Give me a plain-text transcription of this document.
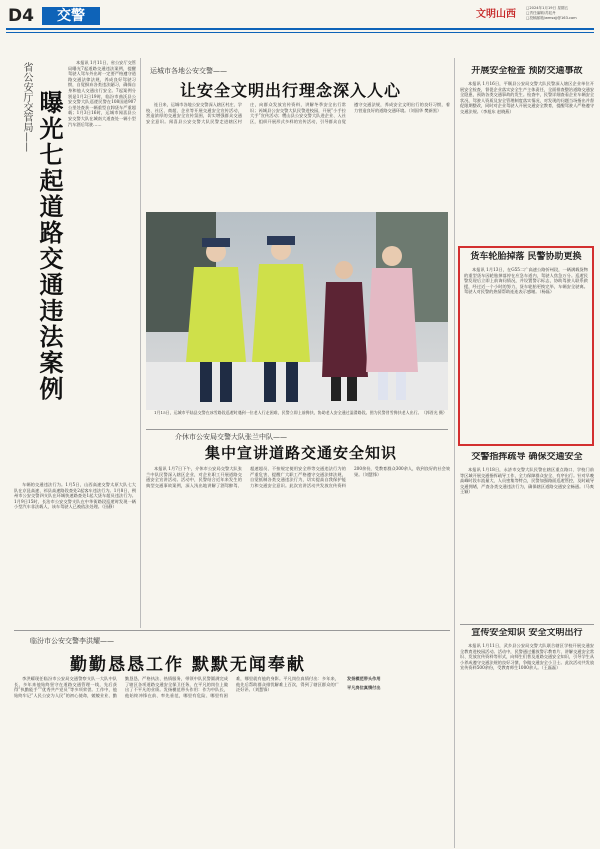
D4	交警	文明山西
□2024年1月19日 星期五
□责任编辑/苏虹丹
□投稿邮箱/wmsxjj@163.com
省公安厅交管局—— 曝光七起道路交通违法案例

本报讯 1月11日，省公安厅交管局曝光7起道路交通违法案例，提醒驾驶人驾车外出时一定要严格遵守道路交通法律法规，养成良好驾驶习惯，自觉摒弃各类违法陋习，确保自身和他人交通出行安全。7起案例分别是1月2日19时，临汾市曲沃县公安交警大队巡逻民警在108国道907公里处查获一辆重型自卸货车严重超载；1月3日16时，运城市闻喜县公安交警大队在城南大道查处一辆小型汽车酒后驾驶……

车辆的交通违法行为。1月5日，山西高速交警太原大队七大队在京昆高速、祁县高速路段查处2起客车违法行为。1月8日，朔州市公安交警四支队在环城快速路查处1起大货车超员违法行为。1月9日15时，长治市公安交警支队在中华街路段巡逻时发现一辆小型汽车非法载人，该车驾驶人已被依法处理。（田静）

运城市各地公安交警——
让安全文明出行理念深入人心

连日来，运城市各地公安交警深入辖区村庄、学校、社区、商超、企业等开展交通安全宣传活动，营造浓厚的交通安全宣传氛围，切实增强群众交通安全意识。闻喜县公安交警大队民警走进辖区村庄，向群众发放宣传资料，讲解冬季安全出行常识；芮城县公安交警大队民警进校园，开展“小手拉大手”宣传活动；稷山县公安交警大队进企业、入社区，组织开展形式多样的宣传活动，引导群众自觉遵守交通法规，养成安全文明出行的良好习惯，着力营造良好的道路交通环境。（刘国华 樊新黑）

1月15日，运城市平陆县交警在冰雪路段巡逻时遇到一位老人行走困难，民警立即上前搀扶，协助老人安全通过湿滑路段。图为民警冒雪搀扶老人出行。（郭晋光 摄）

介休市公安局交警大队张兰中队——
集中宣讲道路交通安全知识

本报讯 1月7日下午，介休市公安局交警大队张兰中队民警深入辖区企业，对企业职工开展道路交通安全宣讲活动。活动中，民警结合近年来发生的典型交通事故案例，深入浅出地讲解了酒驾醉驾、超速超员、不按规定使用安全带等交通违法行为的严重危害，提醒广大职工严格遵守交通法律法规，自觉抵制各类交通违法行为，切实提高自我保护能力和交通安全意识。此次宣讲活动共发放宣传资料200余份，受教育群众300余人，收到良好的社会效果。（刘慧锋）

临汾市公安交警李洪耀——
勤勤恳恳工作 默默无闻奉献

李洪耀现任临汾市公安局交通警察支队一大队中队长，多年来他始终坚守在道路交通管理一线，先后获得“执勤能手”“优秀共产党员”等多项荣誉。工作中，他始终牢记“人民公安为人民”的初心使命，兢兢业业、勤勤恳恳，严格执法、热情服务，带领中队民警圆满完成了辖区各项道路交通安全保卫任务，在平凡的岗位上做出了不平凡的业绩。发扬模范带头作用：作为中队长，他始终冲锋在前、率先垂范，哪里有危险、哪里有困难，哪里就有他的身影。平凡岗位真情付出：多年来，他先后帮助群众排忧解难上百次，得到了辖区群众的广泛好评。（刘慧锋）

发扬模范带头作用

平凡岗位真情付出

开展安全检查 预防交通事故

本报讯 1月16日，平顺县公安局交警大队民警深入辖区企业单位开展安全检查，督促企业落实安全生产主体责任，全面排查整治道路交通安全隐患，预防各类交通事故的发生。检查中，民警详细查看企业车辆安全状况、驾驶人资质及安全管理制度落实情况，对发现的问题当场指出并督促限期整改，同时对企业驾驶人开展交通安全教育，提醒驾驶人严格遵守交通法规。（李旭东 赵晓燕）

货车轮胎掉落 民警协助更换

本报讯 1月13日，在G55二广高速公路忻州段，一辆满载货物的重型货车因轮胎掉落停在应急车道内，驾驶人焦急万分。巡逻民警发现后立即上前询问情况，并设置警示标志，协助驾驶人联系救援，经过近一个小时的努力，货车轮胎更换完毕，车辆安全驶离。驾驶人对民警的热情帮助连连表示感谢。（杨磊）

交警指挥疏导 确保交通安全

本报讯 1月18日，永济市交警大队民警在辖区重点路口、学校门前等区域开展交通指挥疏导工作，全力保障群众安全、有序出行。针对早晚高峰时段车流量大、人员密集等特点，民警加强路面巡逻管控，及时疏导交通拥堵，严查各类交通违法行为，确保辖区道路交通安全畅通。（马爽 王颖）

宣传安全知识 安全文明出行

本报讯 1月11日，武乡县公安局交警大队联合辖区学校开展交通安全教育进校园活动。活动中，民警通过播放警示教育片、讲解交通安全常识、发放宣传资料等形式，向师生们普及道路交通安全知识，引导学生从小养成遵守交通法规的良好习惯，争做交通安全小卫士。此次活动共发放宣传资料500余份，受教育师生1000余人。（王磊磊）
